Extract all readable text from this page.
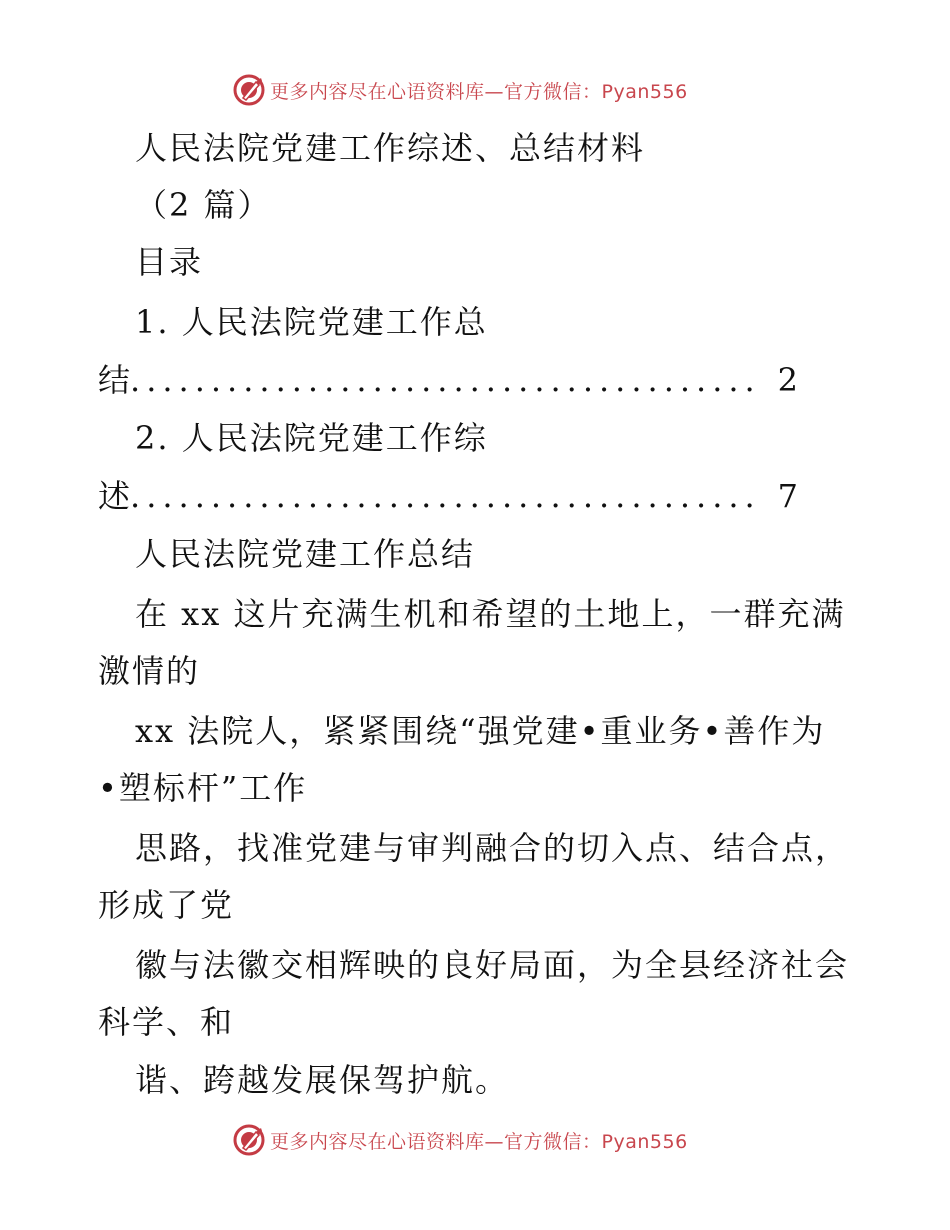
更多内容尽在心语资料库—官方微信：Pyan556
人民法院党建工作综述、总结材料
（2 篇）
目录
1. 人民法院党建工作总
结 ....................................... 2
2. 人民法院党建工作综
述 ....................................... 7
人民法院党建工作总结
在 xx 这片充满生机和希望的土地上，一群充满
激情的
xx 法院人，紧紧围绕“强党建•重业务•善作为
•塑标杆”工作
思路，找准党建与审判融合的切入点、结合点，
形成了党
徽与法徽交相辉映的良好局面，为全县经济社会
科学、和
谐、跨越发展保驾护航。
更多内容尽在心语资料库—官方微信：Pyan556
